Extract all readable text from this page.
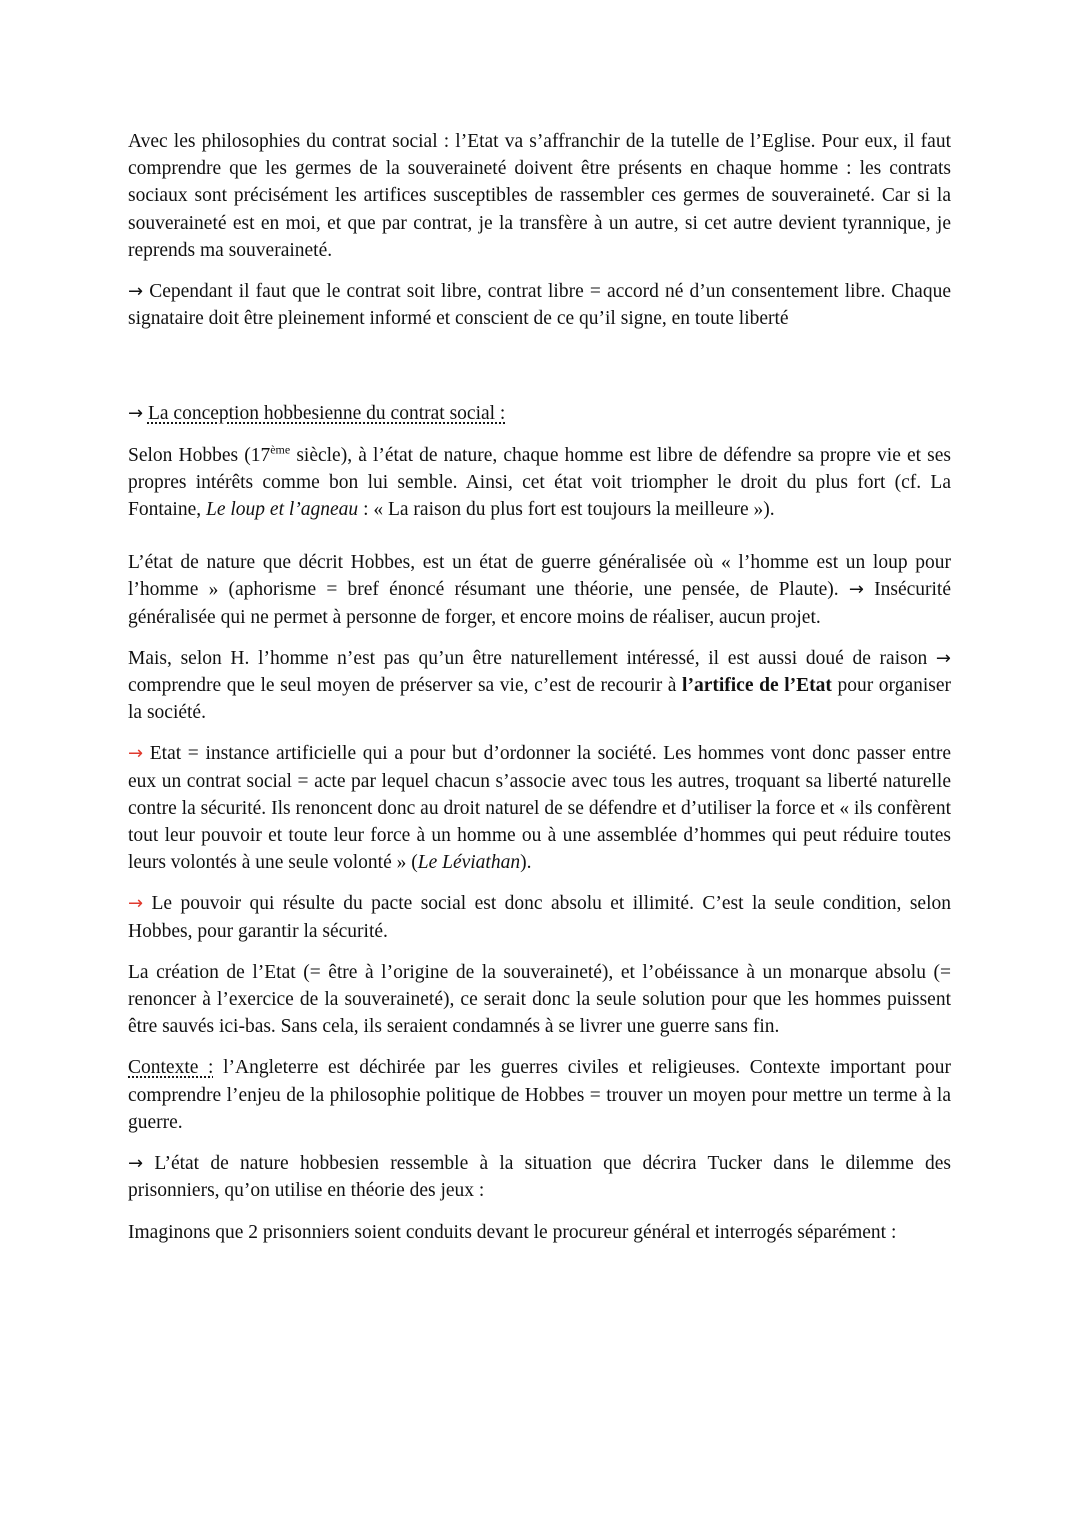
Avec les philosophies du contrat social : l’Etat va s’affranchir de la tutelle de l’Eglise. Pour eux, il faut comprendre que les germes de la souveraineté doivent être présents en chaque homme : les contrats sociaux sont précisément les artifices susceptibles de rassembler ces germes de souveraineté. Car si la souveraineté est en moi, et que par contrat, je la transfère à un autre, si cet autre devient tyrannique, je reprends ma souveraineté.

→ Cependant il faut que le contrat soit libre, contrat libre = accord né d’un consentement libre. Chaque signataire doit être pleinement informé et conscient de ce qu’il signe, en toute liberté

→ La conception hobbesienne du contrat social :

Selon Hobbes (17ème siècle), à l’état de nature, chaque homme est libre de défendre sa propre vie et ses propres intérêts comme bon lui semble. Ainsi, cet état voit triompher le droit du plus fort (cf. La Fontaine, Le loup et l’agneau : « La raison du plus fort est toujours la meilleure »).

L’état de nature que décrit Hobbes, est un état de guerre généralisée où « l’homme est un loup pour l’homme » (aphorisme = bref énoncé résumant une théorie, une pensée, de Plaute). → Insécurité généralisée qui ne permet à personne de forger, et encore moins de réaliser, aucun projet.

Mais, selon H. l’homme n’est pas qu’un être naturellement intéressé, il est aussi doué de raison → comprendre que le seul moyen de préserver sa vie, c’est de recourir à l’artifice de l’Etat pour organiser la société.

→ Etat = instance artificielle qui a pour but d’ordonner la société. Les hommes vont donc passer entre eux un contrat social = acte par lequel chacun s’associe avec tous les autres, troquant sa liberté naturelle contre la sécurité. Ils renoncent donc au droit naturel de se défendre et d’utiliser la force et « ils confèrent tout leur pouvoir et toute leur force à un homme ou à une assemblée d’hommes qui peut réduire toutes leurs volontés à une seule volonté » (Le Léviathan).

→ Le pouvoir qui résulte du pacte social est donc absolu et illimité. C’est la seule condition, selon Hobbes, pour garantir la sécurité.

La création de l’Etat (= être à l’origine de la souveraineté), et l’obéissance à un monarque absolu (= renoncer à l’exercice de la souveraineté), ce serait donc la seule solution pour que les hommes puissent être sauvés ici-bas. Sans cela, ils seraient condamnés à se livrer une guerre sans fin.

Contexte : l’Angleterre est déchirée par les guerres civiles et religieuses. Contexte important pour comprendre l’enjeu de la philosophie politique de Hobbes = trouver un moyen pour mettre un terme à la guerre.

→ L’état de nature hobbesien ressemble à la situation que décrira Tucker dans le dilemme des prisonniers, qu’on utilise en théorie des jeux :

Imaginons que 2 prisonniers soient conduits devant le procureur général et interrogés séparément :
